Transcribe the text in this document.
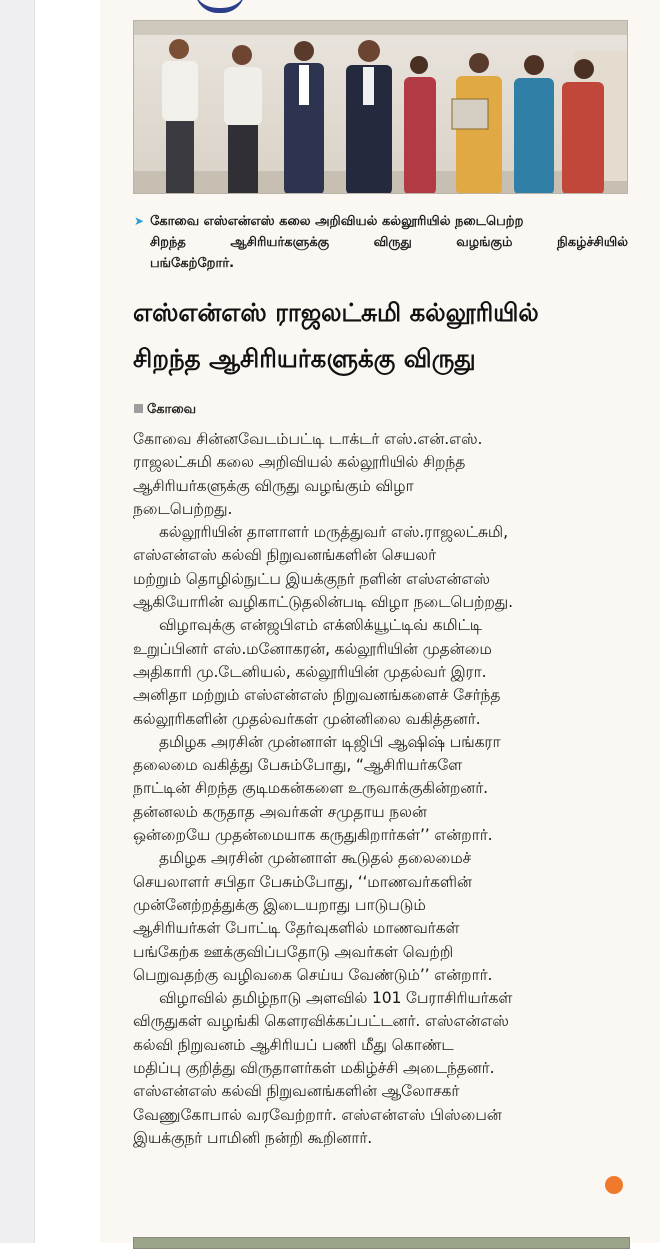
➤ கோவை எஸ்என்எஸ் கலை அறிவியல் கல்லூரியில் நடைபெற்ற
சிறந்த	ஆசிரியர்களுக்கு	விருது	வழங்கும்	நிகழ்ச்சியில்
பங்கேற்றோர்.
எஸ்என்எஸ் ராஜலட்சுமி கல்லூரியில்
சிறந்த ஆசிரியர்களுக்கு விருது
கோவை
கோவை சின்னவேடம்பட்டி டாக்டர் எஸ்.என்.எஸ்.
ராஜலட்சுமி கலை அறிவியல் கல்லூரியில் சிறந்த
ஆசிரியர்களுக்கு விருது வழங்கும் விழா
நடைபெற்றது.
கல்லூரியின் தாளாளர் மருத்துவர் எஸ்.ராஜலட்சுமி,
எஸ்என்எஸ் கல்வி நிறுவனங்களின் செயலர்
மற்றும் தொழில்நுட்ப இயக்குநர் நளின் எஸ்என்எஸ்
ஆகியோரின் வழிகாட்டுதலின்படி விழா நடைபெற்றது.
விழாவுக்கு என்ஜபிஎம் எக்ஸிக்யூட்டிவ் கமிட்டி
உறுப்பினர் எஸ்.மனோகரன், கல்லூரியின் முதன்மை
அதிகாரி மு.டேனியல், கல்லூரியின் முதல்வர் இரா.
அனிதா மற்றும் எஸ்என்எஸ் நிறுவனங்களைச் சேர்ந்த
கல்லூரிகளின் முதல்வர்கள் முன்னிலை வகித்தனர்.
தமிழக அரசின் முன்னாள் டிஜிபி ஆஷிஷ் பங்கரா
தலைமை வகித்து பேசும்போது, “ஆசிரியர்களே
நாட்டின் சிறந்த குடிமகன்களை உருவாக்குகின்றனர்.
தன்னலம் கருதாத அவர்கள் சமுதாய நலன்
ஒன்றையே முதன்மையாக கருதுகிறார்கள்’’ என்றார்.
தமிழக அரசின் முன்னாள் கூடுதல் தலைமைச்
செயலாளர் சபிதா பேசும்போது, ‘‘மாணவர்களின்
முன்னேற்றத்துக்கு இடையறாது பாடுபடும்
ஆசிரியர்கள் போட்டி தேர்வுகளில் மாணவர்கள்
பங்கேற்க ஊக்குவிப்பதோடு அவர்கள் வெற்றி
பெறுவதற்கு வழிவகை செய்ய வேண்டும்’’ என்றார்.
விழாவில் தமிழ்நாடு அளவில் 101 பேராசிரியர்கள்
விருதுகள் வழங்கி கௌரவிக்கப்பட்டனர். எஸ்என்எஸ்
கல்வி நிறுவனம் ஆசிரியப் பணி மீது கொண்ட
மதிப்பு குறித்து விருதாளர்கள் மகிழ்ச்சி அடைந்தனர்.
எஸ்என்எஸ் கல்வி நிறுவனங்களின் ஆலோசகர்
வேணுகோபால் வரவேற்றார். எஸ்என்எஸ் பிஸ்பைன்
இயக்குநர் பாமினி நன்றி கூறினார்.
